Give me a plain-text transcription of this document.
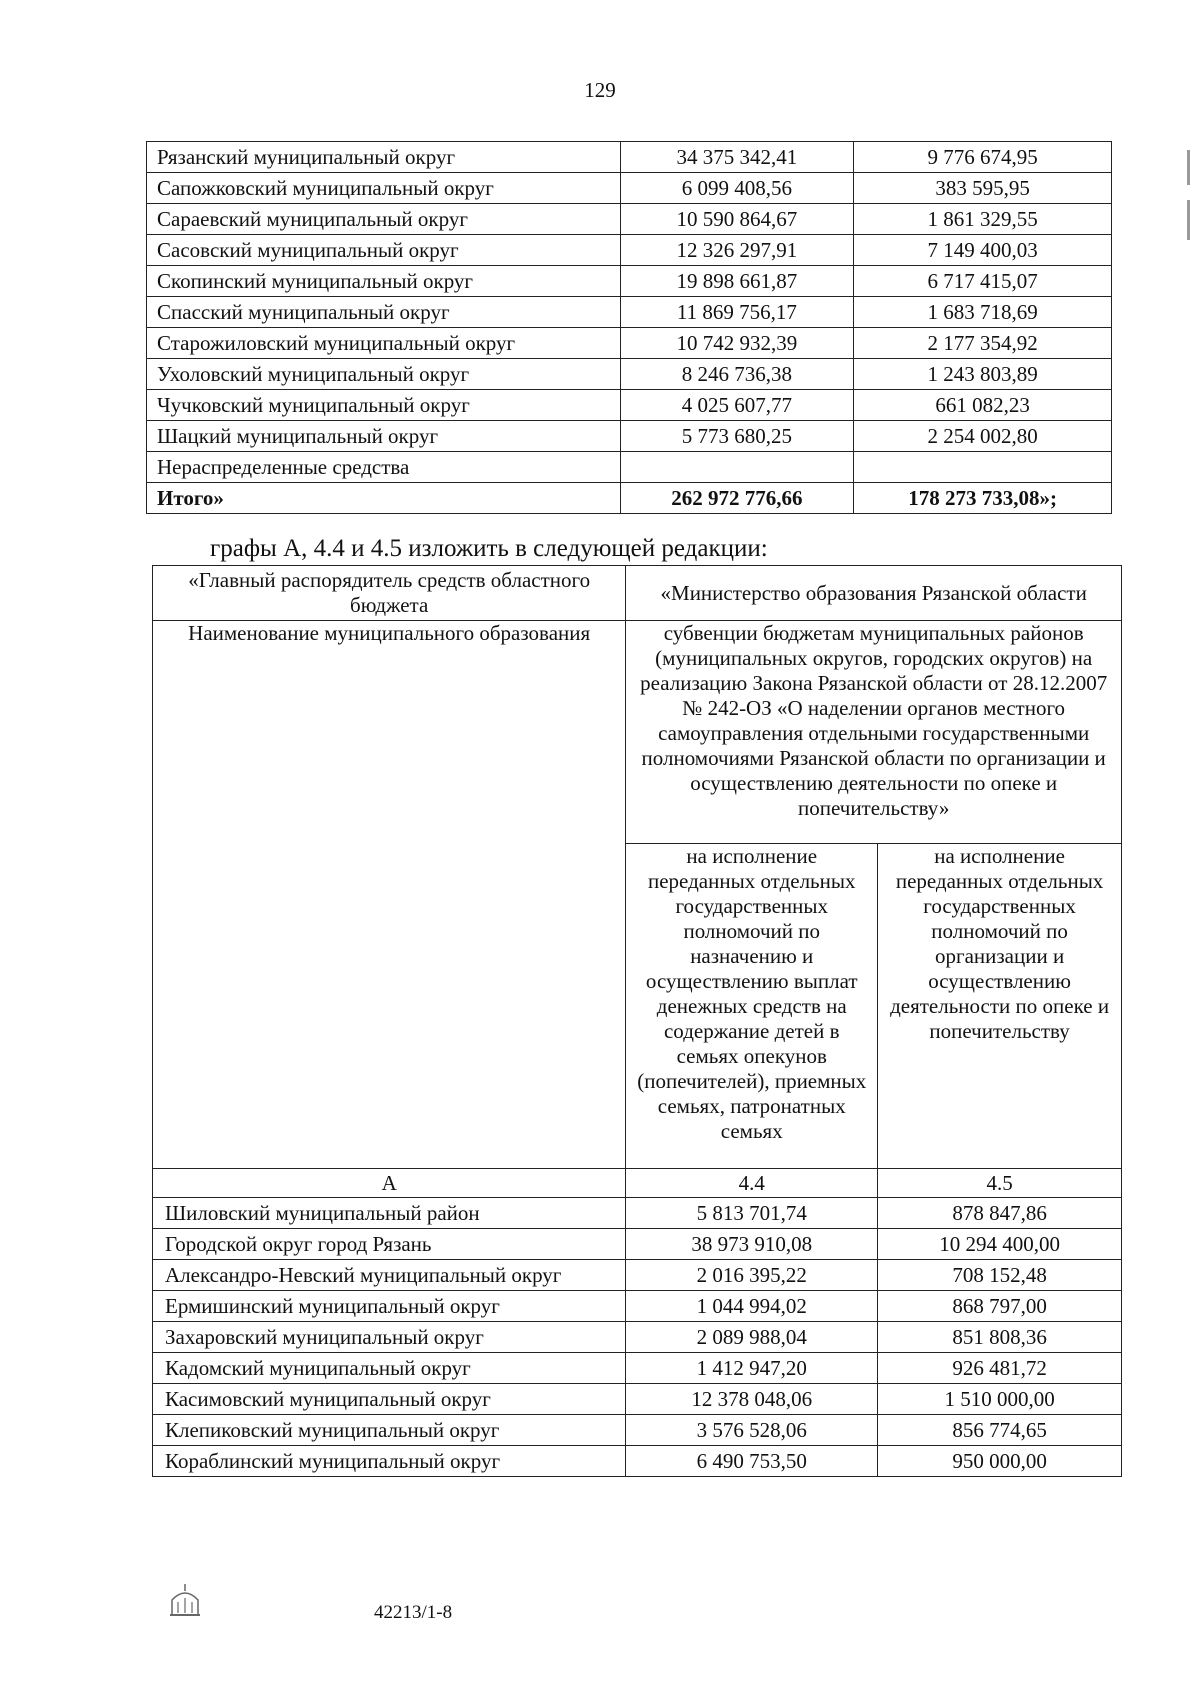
129
Рязанский муниципальный округ	34 375 342,41	9 776 674,95
Сапожковский муниципальный округ	6 099 408,56	383 595,95
Сараевский муниципальный округ	10 590 864,67	1 861 329,55
Сасовский муниципальный округ	12 326 297,91	7 149 400,03
Скопинский муниципальный округ	19 898 661,87	6 717 415,07
Спасский муниципальный округ	11 869 756,17	1 683 718,69
Старожиловский муниципальный округ	10 742 932,39	2 177 354,92
Ухоловский муниципальный округ	8 246 736,38	1 243 803,89
Чучковский муниципальный округ	4 025 607,77	661 082,23
Шацкий муниципальный округ	5 773 680,25	2 254 002,80
Нераспределенные средства		
Итого»	262 972 776,66	178 273 733,08»;
графы А, 4.4 и 4.5 изложить в следующей редакции:
«Главный распорядитель средств областного бюджета	«Министерство образования Рязанской области	
Наименование муниципального образования	субвенции бюджетам муниципальных районов (муниципальных округов, городских округов) на реализацию Закона Рязанской области от 28.12.2007 № 242-ОЗ «О наделении органов местного самоуправления отдельными государственными полномочиями Рязанской области по организации и осуществлению деятельности по опеке и попечительству»	
	на исполнение переданных отдельных государственных полномочий по назначению и осуществлению выплат денежных средств на содержание детей в семьях опекунов (попечителей), приемных семьях, патронатных семьях	на исполнение переданных отдельных государственных полномочий по организации и осуществлению деятельности по опеке и попечительству
А	4.4	4.5
Шиловский муниципальный район	5 813 701,74	878 847,86
Городской округ город Рязань	38 973 910,08	10 294 400,00
Александро-Невский муниципальный округ	2 016 395,22	708 152,48
Ермишинский муниципальный округ	1 044 994,02	868 797,00
Захаровский муниципальный округ	2 089 988,04	851 808,36
Кадомский муниципальный округ	1 412 947,20	926 481,72
Касимовский муниципальный округ	12 378 048,06	1 510 000,00
Клепиковский муниципальный округ	3 576 528,06	856 774,65
Кораблинский муниципальный округ	6 490 753,50	950 000,00
42213/1-8
